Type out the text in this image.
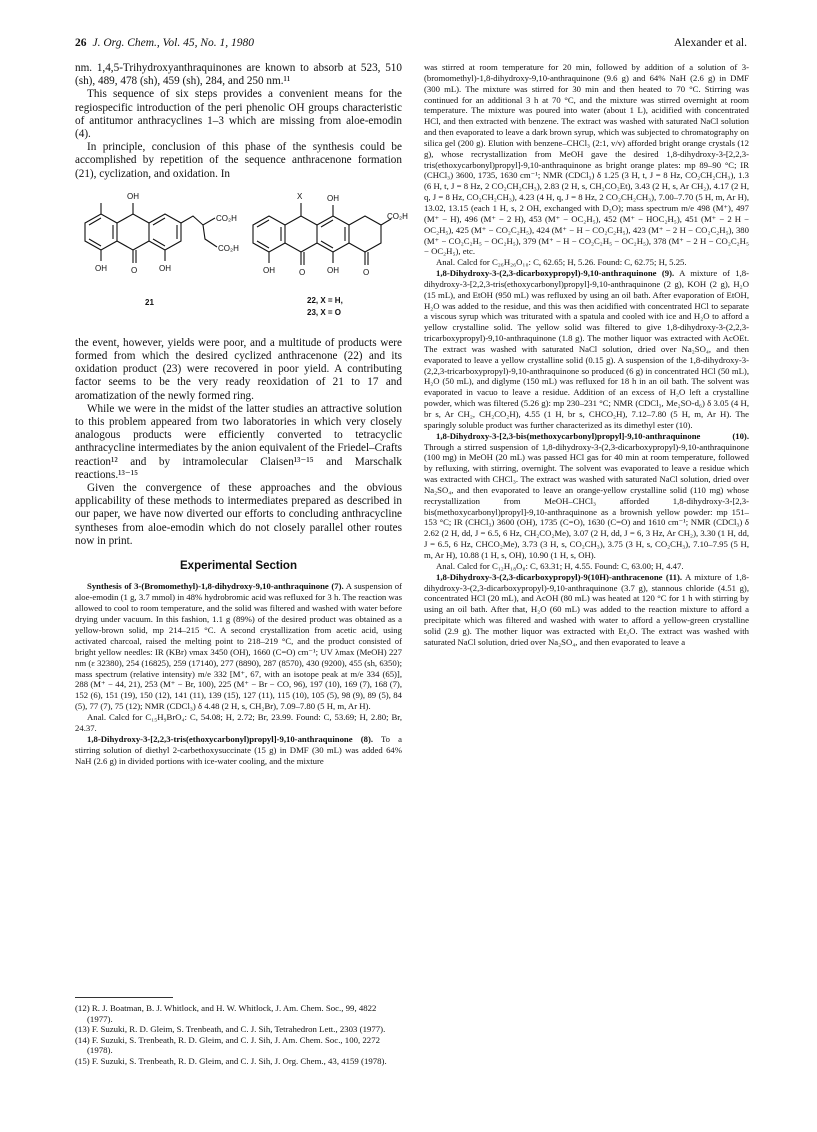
26 J. Org. Chem., Vol. 45, No. 1, 1980	Alexander et al.

nm. 1,4,5-Trihydroxyanthraquinones are known to absorb at 523, 510 (sh), 489, 478 (sh), 459 (sh), 284, and 250 nm.¹¹

This sequence of six steps provides a convenient means for the regiospecific introduction of the peri phenolic OH groups characteristic of antitumor anthracyclines 1–3 which are missing from aloe-emodin (4).

In principle, conclusion of this phase of the synthesis could be accomplished by repetition of the sequence anthracenone formation (21), cyclization, and oxidation. In

OH
OH	O	OH
CO₂H
CO₂H
21
X	OH
OH	O	OH	O
CO₂H
22, X = H,
23, X = O

the event, however, yields were poor, and a multitude of products were formed from which the desired cyclized anthracenone (22) and its oxidation product (23) were recovered in poor yield. A contributing factor seems to be the very ready reoxidation of 21 to 17 and aromatization of the newly formed ring.

While we were in the midst of the latter studies an attractive solution to this problem appeared from two laboratories in which very closely analogous products were efficiently converted to tetracyclic anthracycline intermediates by the anion equivalent of the Friedel–Crafts reaction¹² and by intramolecular Claisen¹³⁻¹⁵ and Marschalk reactions.¹³⁻¹⁵

Given the convergence of these approaches and the obvious applicability of these methods to intermediates prepared as described in our paper, we have now diverted our efforts to concluding anthracycline syntheses from aloe-emodin which do not closely parallel other routes now in print.

Experimental Section

Synthesis of 3-(Bromomethyl)-1,8-dihydroxy-9,10-anthraquinone (7). A suspension of aloe-emodin (1 g, 3.7 mmol) in 48% hydrobromic acid was refluxed for 3 h. The reaction was allowed to cool to room temperature, and the solid was filtered and washed with water before drying under vacuum. In this fashion, 1.1 g (89%) of the desired product was obtained as a yellow-brown solid, mp 214–215 °C. A second crystallization from acetic acid, using activated charcoal, raised the melting point to 218–219 °C, and the product consisted of bright yellow needles: IR (KBr) νmax 3450 (OH), 1660 (C=O) cm⁻¹; UV λmax (MeOH) 227 nm (ε 32380), 254 (16825), 259 (17140), 277 (8890), 287 (8570), 430 (9200), 455 (sh, 6350); mass spectrum (relative intensity) m/e 332 [M⁺, 67, with an isotope peak at m/e 334 (65)], 288 (M⁺ − 44, 21), 253 (M⁺ − Br, 100), 225 (M⁺ − Br − CO, 96), 197 (10), 169 (7), 168 (7), 152 (6), 151 (19), 150 (12), 141 (11), 139 (15), 127 (11), 115 (10), 105 (5), 98 (9), 89 (5), 84 (5), 77 (7), 75 (12); NMR (CDCl₃) δ 4.48 (2 H, s, CH₂Br), 7.09–7.80 (5 H, m, Ar H).

Anal. Calcd for C₁₅H₉BrO₄: C, 54.08; H, 2.72; Br, 23.99. Found: C, 53.69; H, 2.80; Br, 24.37.

1,8-Dihydroxy-3-[2,2,3-tris(ethoxycarbonyl)propyl]-9,10-anthraquinone (8). To a stirring solution of diethyl 2-carbethoxysuccinate (15 g) in DMF (30 mL) was added 64% NaH (2.6 g) in divided portions with ice-water cooling, and the mixture

(12) R. J. Boatman, B. J. Whitlock, and H. W. Whitlock, J. Am. Chem. Soc., 99, 4822 (1977).

(13) F. Suzuki, R. D. Gleim, S. Trenbeath, and C. J. Sih, Tetrahedron Lett., 2303 (1977).

(14) F. Suzuki, S. Trenbeath, R. D. Gleim, and C. J. Sih, J. Am. Chem. Soc., 100, 2272 (1978).

(15) F. Suzuki, S. Trenbeath, R. D. Gleim, and C. J. Sih, J. Org. Chem., 43, 4159 (1978).

was stirred at room temperature for 20 min, followed by addition of a solution of 3-(bromomethyl)-1,8-dihydroxy-9,10-anthraquinone (9.6 g) and 64% NaH (2.6 g) in DMF (300 mL). The mixture was stirred for 30 min and then heated to 70 °C. Stirring was continued for an additional 3 h at 70 °C, and the mixture was stirred overnight at room temperature. The mixture was poured into water (about 1 L), acidified with concentrated HCl, and then extracted with benzene. The extract was washed with saturated NaCl solution and then evaporated to leave a dark brown syrup, which was subjected to chromatography on silica gel (200 g). Elution with benzene–CHCl₃ (2:1, v/v) afforded bright orange crystals (12 g), whose recrystallization from MeOH gave the desired 1,8-dihydroxy-3-[2,2,3-tris(ethoxycarbonyl)propyl]-9,10-anthraquinone as bright orange plates: mp 89–90 °C; IR (CHCl₃) 3600, 1735, 1630 cm⁻¹; NMR (CDCl₃) δ 1.25 (3 H, t, J = 8 Hz, CO₂CH₂CH₃), 1.3 (6 H, t, J = 8 Hz, 2 CO₂CH₂CH₃), 2.83 (2 H, s, CH₂CO₂Et), 3.43 (2 H, s, Ar CH₂), 4.17 (2 H, q, J = 8 Hz, CO₂CH₂CH₃), 4.23 (4 H, q, J = 8 Hz, 2 CO₂CH₂CH₃), 7.00–7.70 (5 H, m, Ar H), 13.02, 13.15 (each 1 H, s, 2 OH, exchanged with D₂O); mass spectrum m/e 498 (M⁺), 497 (M⁺ − H), 496 (M⁺ − 2 H), 453 (M⁺ − OC₂H₅), 452 (M⁺ − HOC₂H₅), 451 (M⁺ − 2 H − OC₂H₅), 425 (M⁺ − CO₂C₂H₅), 424 (M⁺ − H − CO₂C₂H₅), 423 (M⁺ − 2 H − CO₂C₂H₅), 380 (M⁺ − CO₂C₂H₅ − OC₂H₅), 379 (M⁺ − H − CO₂C₂H₅ − OC₂H₅), 378 (M⁺ − 2 H − CO₂C₂H₅ − OC₂H₅), etc.

Anal. Calcd for C₂₆H₂₆O₁₀: C, 62.65; H, 5.26. Found: C, 62.75; H, 5.25.

1,8-Dihydroxy-3-(2,3-dicarboxypropyl)-9,10-anthraquinone (9). A mixture of 1,8-dihydroxy-3-[2,2,3-tris(ethoxycarbonyl)propyl]-9,10-anthraquinone (2 g), KOH (2 g), H₂O (15 mL), and EtOH (950 mL) was refluxed by using an oil bath. After evaporation of EtOH, H₂O was added to the residue, and this was then acidified with concentrated HCl to separate a viscous syrup which was triturated with a spatula and cooled with ice and H₂O to afford a yellow crystalline solid. The yellow solid was filtered to give 1,8-dihydroxy-3-(2,2,3-tricarboxypropyl)-9,10-anthraquinone (1.8 g). The mother liquor was extracted with AcOEt. The extract was washed with saturated NaCl solution, dried over Na₂SO₄, and then evaporated to leave a yellow crystalline solid (0.15 g). A suspension of the 1,8-dihydroxy-3-(2,2,3-tricarboxypropyl)-9,10-anthraquinone so produced (6 g) in concentrated HCl (50 mL), H₂O (50 mL), and diglyme (150 mL) was refluxed for 18 h in an oil bath. The solvent was evaporated in vacuo to leave a residue. Addition of an excess of H₂O left a crystalline powder, which was filtered (5.26 g): mp 230–231 °C; NMR (CDCl₃, Me₂SO-d₆) δ 3.05 (4 H, br s, Ar CH₂, CH₂CO₂H), 4.55 (1 H, br s, CHCO₂H), 7.12–7.80 (5 H, m, Ar H). The sparingly soluble product was further characterized as its dimethyl ester (10).

1,8-Dihydroxy-3-[2,3-bis(methoxycarbonyl)propyl]-9,10-anthraquinone (10). Through a stirred suspension of 1,8-dihydroxy-3-(2,3-dicarboxypropyl)-9,10-anthraquinone (100 mg) in MeOH (20 mL) was passed HCl gas for 40 min at room temperature, followed by refluxing, with stirring, overnight. The solvent was evaporated to leave a residue which was extracted with CHCl₃. The extract was washed with saturated NaCl solution, dried over Na₂SO₄, and then evaporated to leave an orange-yellow crystalline solid (110 mg) whose recrystallization from MeOH–CHCl₃ afforded 1,8-dihydroxy-3-[2,3-bis(methoxycarbonyl)propyl]-9,10-anthraquinone as a brownish yellow powder: mp 151–153 °C; IR (CHCl₃) 3600 (OH), 1735 (C=O), 1630 (C=O) and 1610 cm⁻¹; NMR (CDCl₃) δ 2.62 (2 H, dd, J = 6.5, 6 Hz, CH₂CO₂Me), 3.07 (2 H, dd, J = 6, 3 Hz, Ar CH₂), 3.30 (1 H, dd, J = 6.5, 6 Hz, CHCO₂Me), 3.73 (3 H, s, CO₂CH₃), 3.75 (3 H, s, CO₂CH₃), 7.10–7.95 (5 H, m, Ar H), 10.88 (1 H, s, OH), 10.90 (1 H, s, OH).

Anal. Calcd for C₁₂H₁₈O₈: C, 63.31; H, 4.55. Found: C, 63.00; H, 4.47.

1,8-Dihydroxy-3-(2,3-dicarboxypropyl)-9(10H)-anthracenone (11). A mixture of 1,8-dihydroxy-3-(2,3-dicarboxypropyl)-9,10-anthraquinone (3.7 g), stannous chloride (4.51 g), concentrated HCl (20 mL), and AcOH (80 mL) was heated at 120 °C for 1 h with stirring by using an oil bath. After that, H₂O (60 mL) was added to the reaction mixture to afford a precipitate which was filtered and washed with water to afford a yellow-green crystalline solid (2.9 g). The mother liquor was extracted with Et₂O. The extract was washed with saturated NaCl solution, dried over Na₂SO₄, and then evaporated to leave a
